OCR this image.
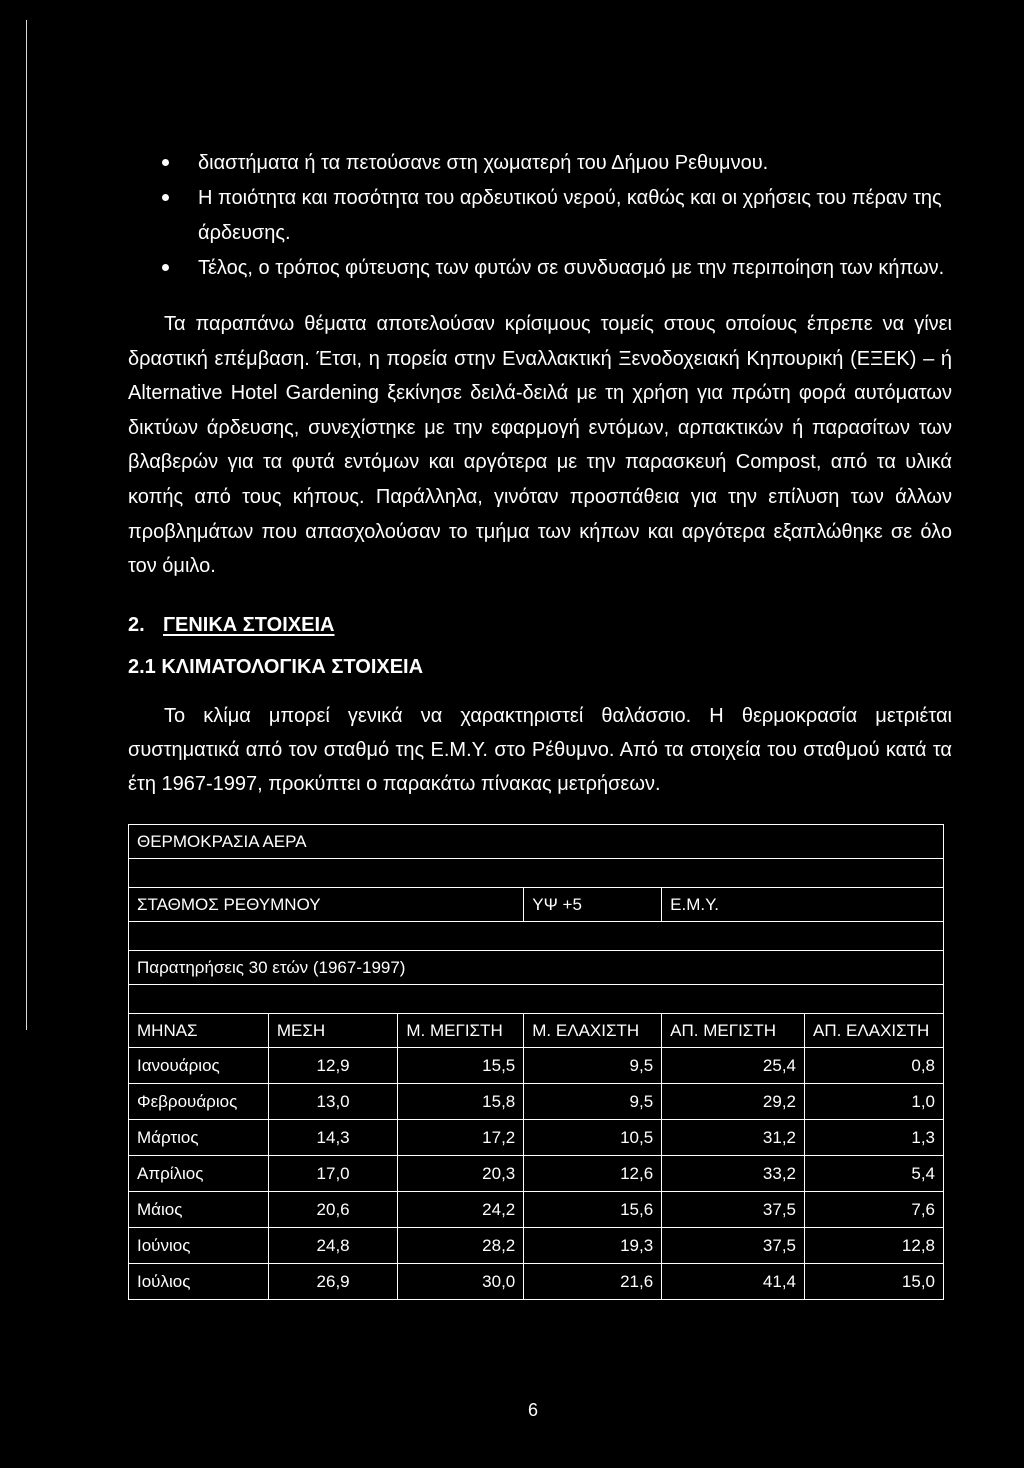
διαστήματα ή τα πετούσανε στη χωματερή του Δήμου Ρεθυμνου.
Η ποιότητα και ποσότητα του αρδευτικού νερού, καθώς και οι χρήσεις του πέραν της άρδευσης.
Τέλος, ο τρόπος φύτευσης των φυτών σε συνδυασμό με την περιποίηση των κήπων.

Τα παραπάνω θέματα αποτελούσαν κρίσιμους τομείς στους οποίους έπρεπε να γίνει δραστική επέμβαση. Έτσι, η πορεία στην Εναλλακτική Ξενοδοχειακή Κηπουρική (ΕΞΕΚ) – ή Alternative Hotel Gardening ξεκίνησε δειλά-δειλά με τη χρήση για πρώτη φορά αυτόματων δικτύων άρδευσης, συνεχίστηκε με την εφαρμογή εντόμων, αρπακτικών ή παρασίτων των βλαβερών για τα φυτά εντόμων και αργότερα με την παρασκευή Compost, από τα υλικά κοπής από τους κήπους. Παράλληλα, γινόταν προσπάθεια για την επίλυση των άλλων προβλημάτων που απασχολούσαν το τμήμα των κήπων και αργότερα εξαπλώθηκε σε όλο τον όμιλο.

2. ΓΕΝΙΚΑ ΣΤΟΙΧΕΙΑ
2.1 ΚΛΙΜΑΤΟΛΟΓΙΚΑ ΣΤΟΙΧΕΙΑ

Το κλίμα μπορεί γενικά να χαρακτηριστεί θαλάσσιο. Η θερμοκρασία μετριέται συστηματικά από τον σταθμό της Ε.Μ.Υ. στο Ρέθυμνο. Από τα στοιχεία του σταθμού κατά τα έτη 1967-1997, προκύπτει ο παρακάτω πίνακας μετρήσεων.

ΘΕΡΜΟΚΡΑΣΙΑ ΑΕΡΑ					

ΣΤΑΘΜΟΣ ΡΕΘΥΜΝΟΥ			ΥΨ +5	Ε.Μ.Υ.	

Παρατηρήσεις 30 ετών (1967-1997)					

ΜΗΝΑΣ	ΜΕΣΗ	Μ. ΜΕΓΙΣΤΗ	Μ. ΕΛΑΧΙΣΤΗ	ΑΠ. ΜΕΓΙΣΤΗ	ΑΠ. ΕΛΑΧΙΣΤΗ
Ιανουάριος	12,9	15,5	9,5	25,4	0,8
Φεβρουάριος	13,0	15,8	9,5	29,2	1,0
Μάρτιος	14,3	17,2	10,5	31,2	1,3
Απρίλιος	17,0	20,3	12,6	33,2	5,4
Μάιος	20,6	24,2	15,6	37,5	7,6
Ιούνιος	24,8	28,2	19,3	37,5	12,8
Ιούλιος	26,9	30,0	21,6	41,4	15,0
6
